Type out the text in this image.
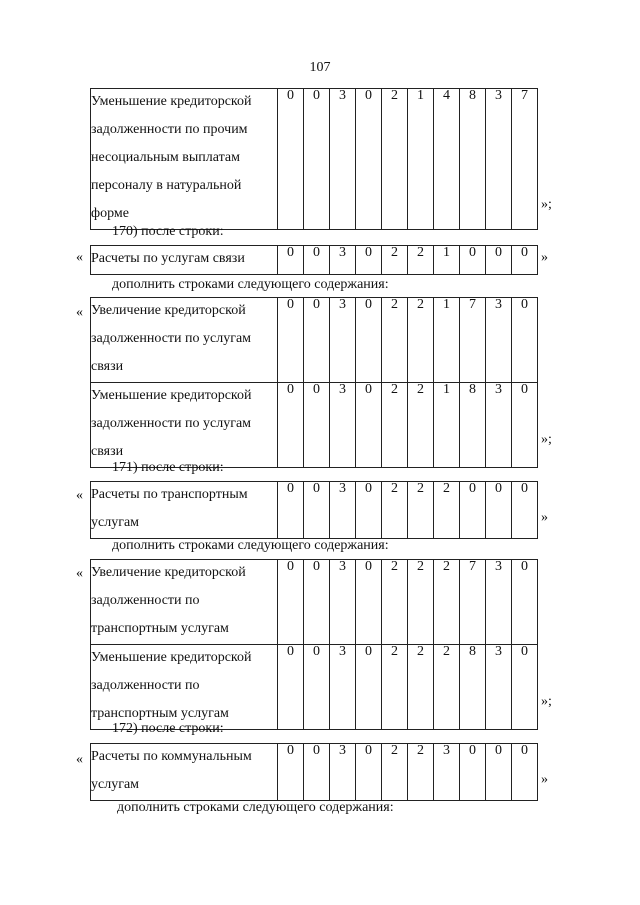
107
Уменьшение кредиторской
задолженности по прочим
несоциальным выплатам
персоналу в натуральной
форме
	0	0	3	0	2	1	4	8	3	7
»;
170) после строки:
« Расчеты по услугам связи	0	0	3	0	2	2	1	0	0	0 »
дополнить строками следующего содержания:
« Увеличение кредиторской
задолженности по услугам
связи	0	0	3	0	2	2	1	7	3	0

Уменьшение кредиторской
задолженности по услугам
связи	0	0	3	0	2	2	1	8	3	0
»;
171) после строки:
« Расчеты по транспортным
услугам
	0	0	3	0	2	2	2	0	0	0
»
дополнить строками следующего содержания:
« Увеличение кредиторской
задолженности по
транспортным услугам	0	0	3	0	2	2	2	7	3	0

Уменьшение кредиторской
задолженности по
транспортным услугам	0	0	3	0	2	2	2	8	3	0
»;
172) после строки:
« Расчеты по коммунальным
услугам
	0	0	3	0	2	2	3	0	0	0
»
дополнить строками следующего содержания:
